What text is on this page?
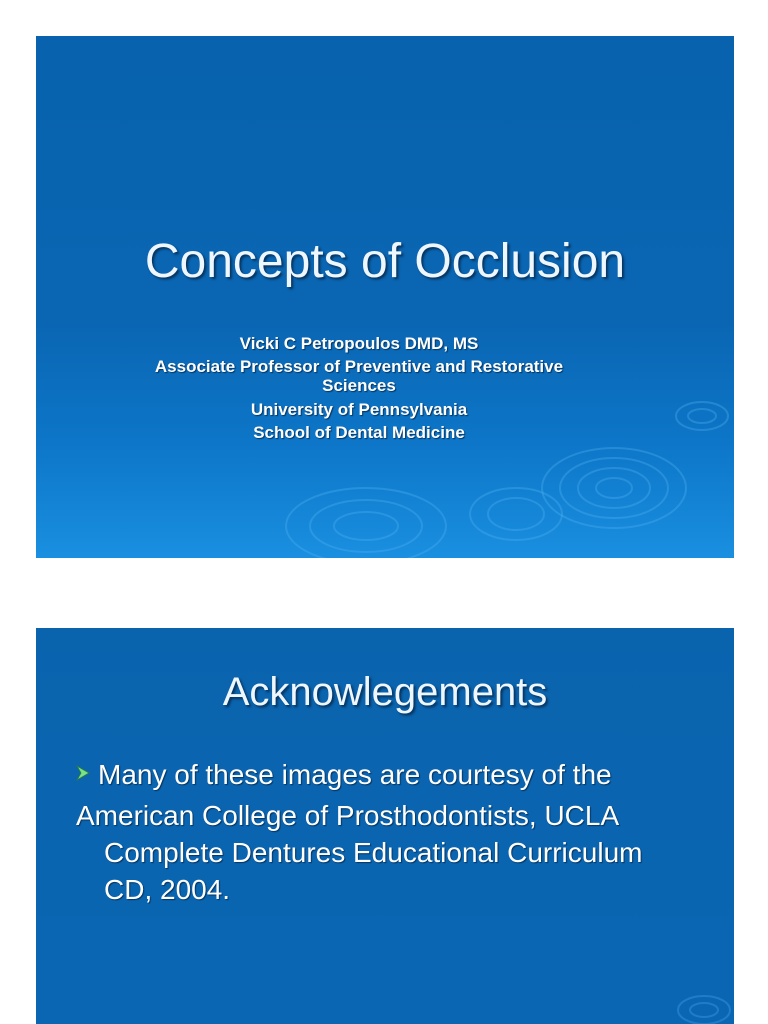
Concepts of Occlusion
Vicki C Petropoulos DMD, MS
Associate Professor of Preventive and Restorative Sciences
University of Pennsylvania
School of Dental Medicine
Acknowlegements
Many of these images are courtesy of the
American College of Prosthodontists, UCLA Complete Dentures Educational Curriculum CD, 2004.
